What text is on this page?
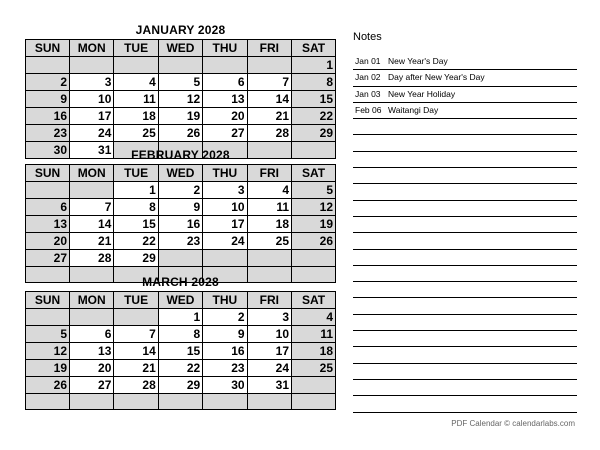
JANUARY 2028
SUN	MON	TUE	WED	THU	FRI	SAT
						1
2	3	4	5	6	7	8
9	10	11	12	13	14	15
16	17	18	19	20	21	22
23	24	25	26	27	28	29
30	31						FEBRUARY 2028
SUN	MON	TUE	WED	THU	FRI	SAT
		1	2	3	4	5
6	7	8	9	10	11	12
13	14	15	16	17	18	19
20	21	22	23	24	25	26
27	28	29				

MARCH 2028
SUN	MON	TUE	WED	THU	FRI	SAT
			1	2	3	4
5	6	7	8	9	10	11
12	13	14	15	16	17	18
19	20	21	22	23	24	25
26	27	28	29	30	31	

Notes
Jan 01 New Year's Day
Jan 02 Day after New Year's Day
Jan 03 New Year Holiday
Feb 06 Waitangi Day
PDF Calendar © calendarlabs.com
